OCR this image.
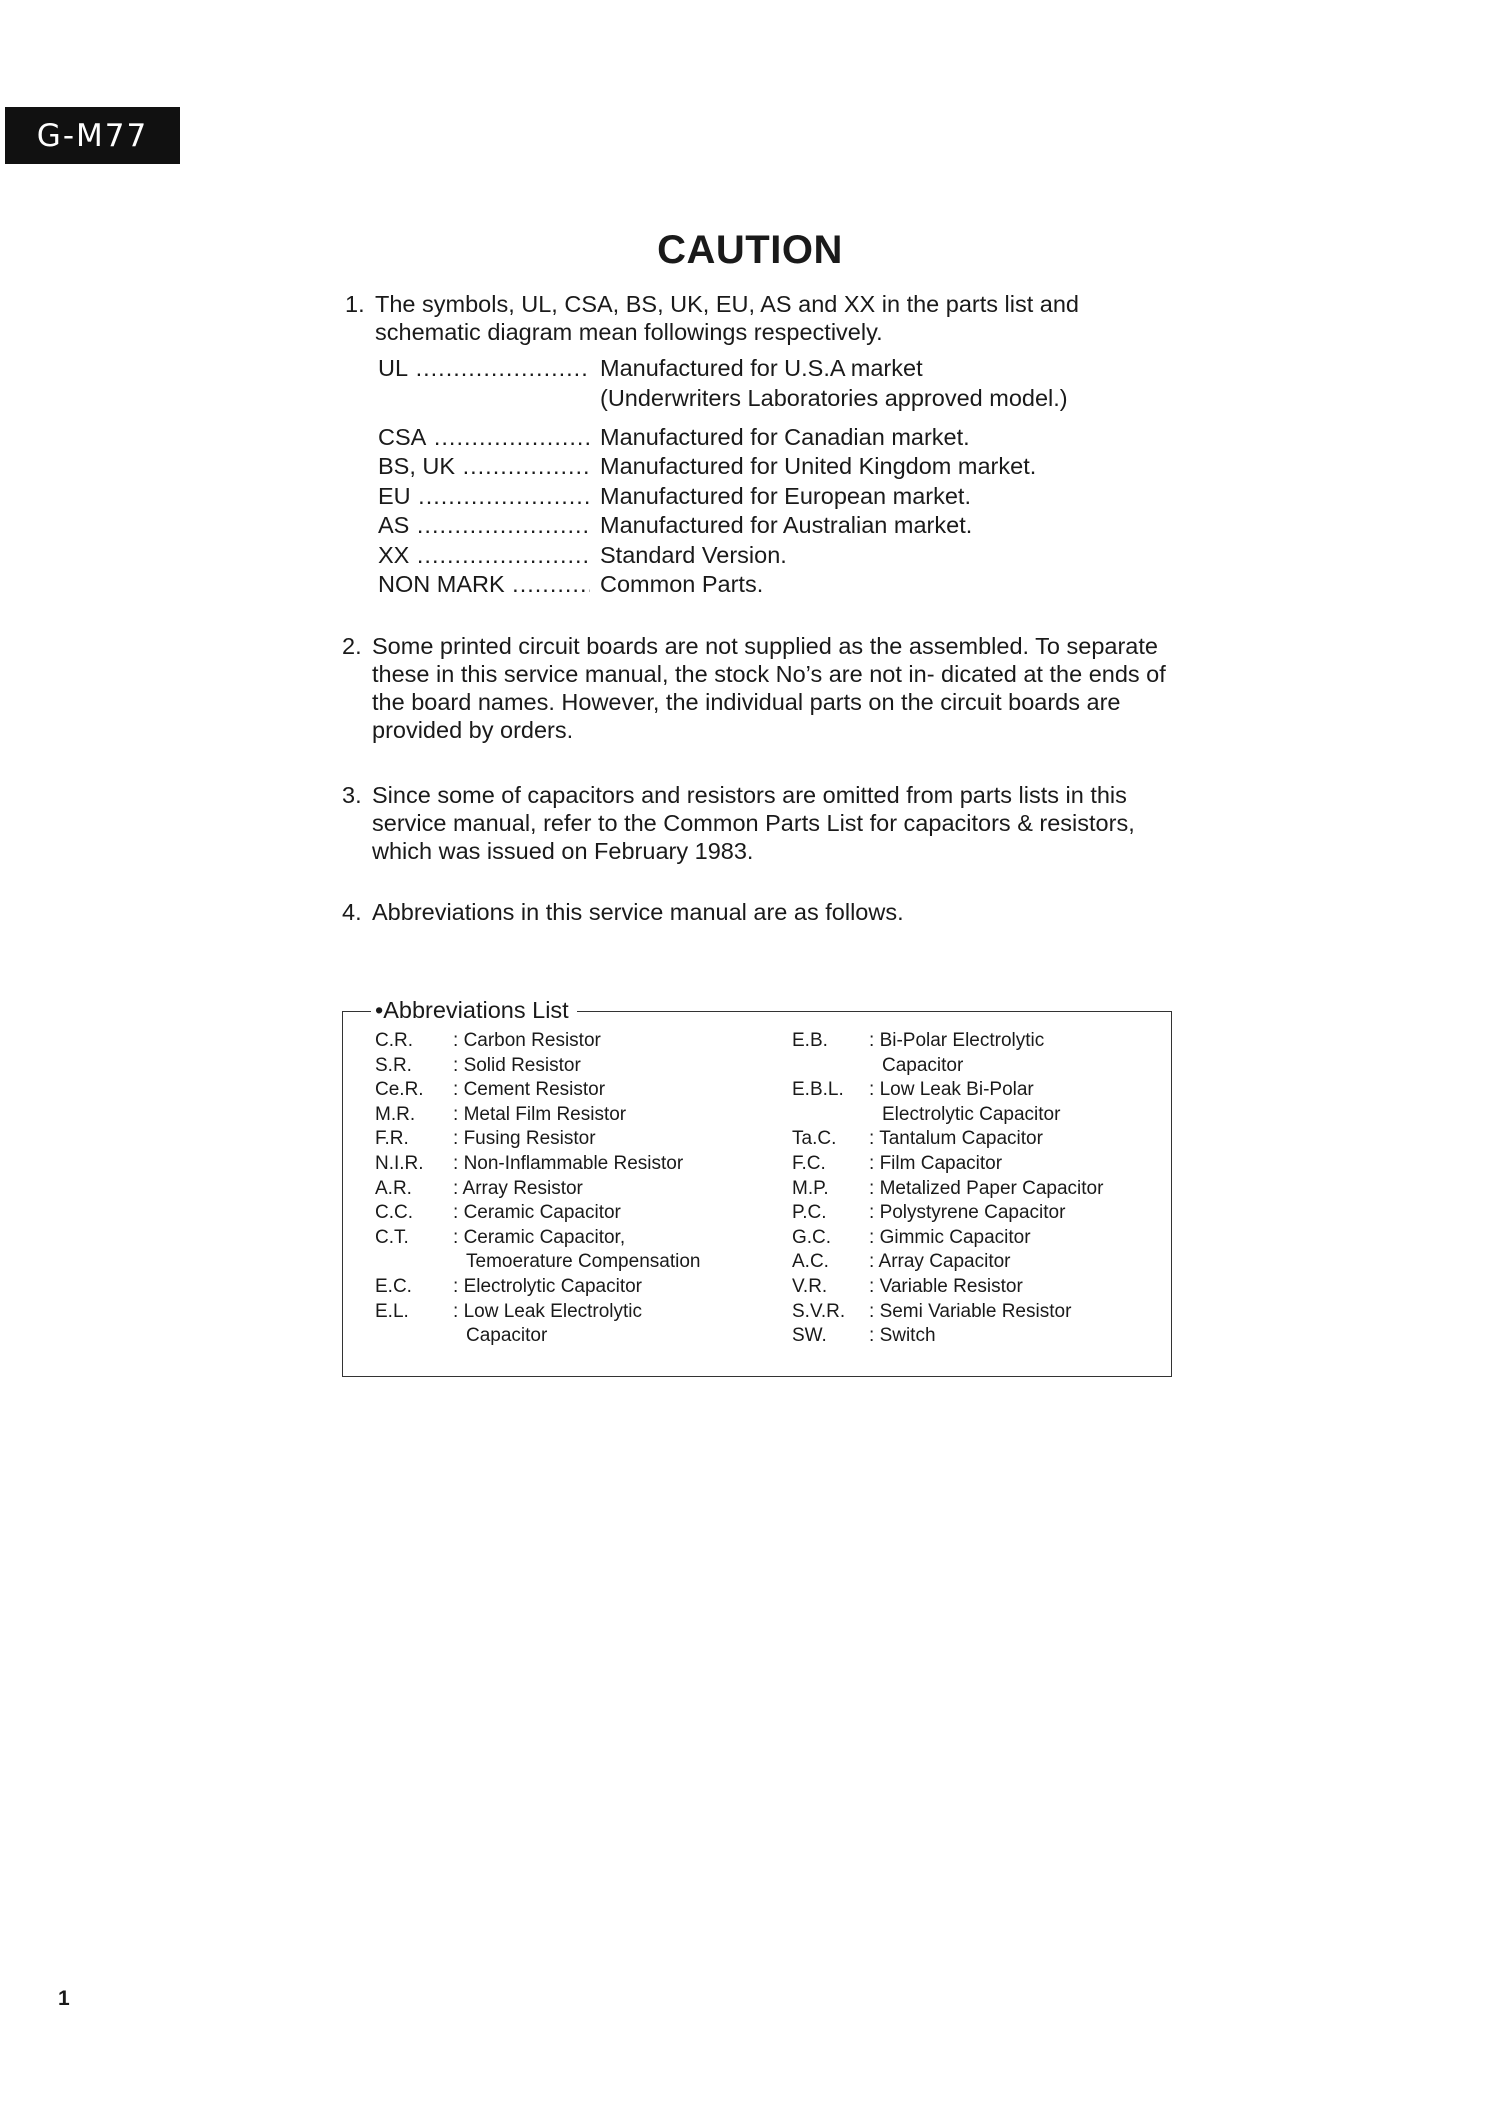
G-M77
CAUTION
1. The symbols, UL, CSA, BS, UK, EU, AS and XX in the parts list and schematic diagram mean followings respectively.
UL .....	Manufactured for U.S.A market
(Underwriters Laboratories approved model.)
CSA .....	Manufactured for Canadian market.
BS, UK .....	Manufactured for United Kingdom market.
EU .....	Manufactured for European market.
AS .....	Manufactured for Australian market.
XX .....	Standard Version.
NON MARK .....	Common Parts.
2. Some printed circuit boards are not supplied as the assembled. To separate these in this service manual, the stock No’s are not in- dicated at the ends of the board names. However, the individual parts on the circuit boards are provided by orders.
3. Since some of capacitors and resistors are omitted from parts lists in this service manual, refer to the Common Parts List for capacitors & resistors, which was issued on February 1983.
4. Abbreviations in this service manual are as follows.
•Abbreviations List
C.R.	: Carbon Resistor
S.R.	: Solid Resistor
Ce.R.	: Cement Resistor
M.R.	: Metal Film Resistor
F.R.	: Fusing Resistor
N.I.R.	: Non-Inflammable Resistor
A.R.	: Array Resistor
C.C.	: Ceramic Capacitor
C.T.	: Ceramic Capacitor,
Temoerature Compensation
E.C.	: Electrolytic Capacitor
E.L.	: Low Leak Electrolytic
Capacitor
E.B.	: Bi-Polar Electrolytic
Capacitor
E.B.L.	: Low Leak Bi-Polar
Electrolytic Capacitor
Ta.C.	: Tantalum Capacitor
F.C.	: Film Capacitor
M.P.	: Metalized Paper Capacitor
P.C.	: Polystyrene Capacitor
G.C.	: Gimmic Capacitor
A.C.	: Array Capacitor
V.R.	: Variable Resistor
S.V.R.	: Semi Variable Resistor
SW.	: Switch
1
